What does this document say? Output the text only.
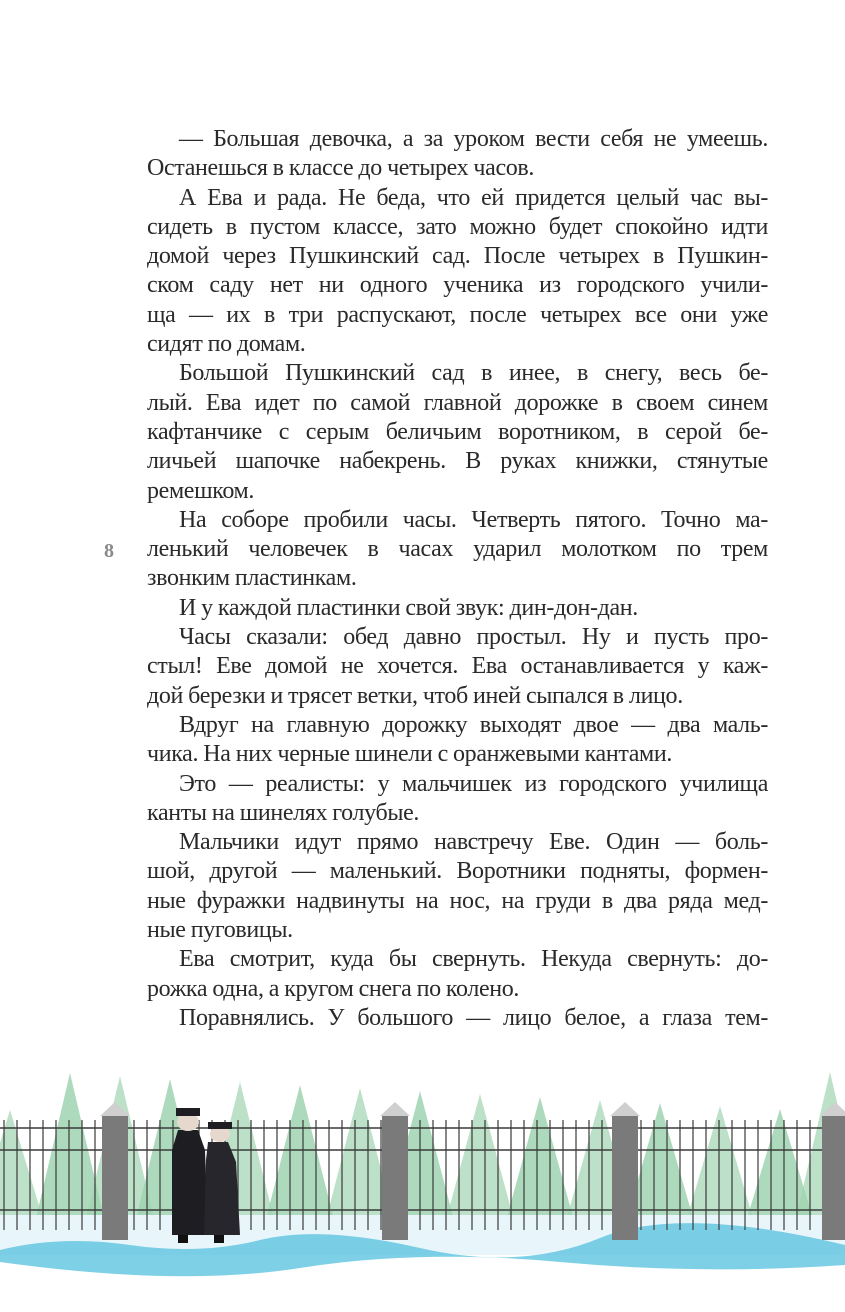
8
— Большая девочка, а за уроком вести себя не умеешь.
Останешься в классе до четырех часов.
А Ева и рада. Не беда, что ей придется целый час вы-
сидеть в пустом классе, зато можно будет спокойно идти
домой через Пушкинский сад. После четырех в Пушкин-
ском саду нет ни одного ученика из городского учили-
ща — их в три распускают, после четырех все они уже
сидят по домам.
Большой Пушкинский сад в инее, в снегу, весь бе-
лый. Ева идет по самой главной дорожке в своем синем
кафтанчике с серым беличьим воротником, в серой бе-
личьей шапочке набекрень. В руках книжки, стянутые
ремешком.
На соборе пробили часы. Четверть пятого. Точно ма-
ленький человечек в часах ударил молотком по трем
звонким пластинкам.
И у каждой пластинки свой звук: дин-дон-дан.
Часы сказали: обед давно простыл. Ну и пусть про-
стыл! Еве домой не хочется. Ева останавливается у каж-
дой березки и трясет ветки, чтоб иней сыпался в лицо.
Вдруг на главную дорожку выходят двое — два маль-
чика. На них черные шинели с оранжевыми кантами.
Это — реалисты: у мальчишек из городского училища
канты на шинелях голубые.
Мальчики идут прямо навстречу Еве. Один — боль-
шой, другой — маленький. Воротники подняты, формен-
ные фуражки надвинуты на нос, на груди в два ряда мед-
ные пуговицы.
Ева смотрит, куда бы свернуть. Некуда свернуть: до-
рожка одна, а кругом снега по колено.
Поравнялись. У большого — лицо белое, а глаза тем-
